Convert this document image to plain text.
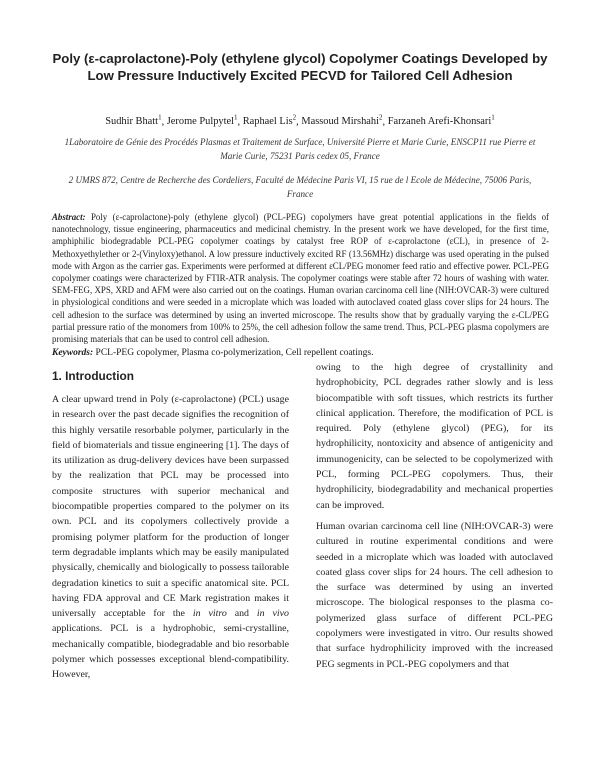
Poly (ε-caprolactone)-Poly (ethylene glycol) Copolymer Coatings Developed by Low Pressure Inductively Excited PECVD for Tailored Cell Adhesion
Sudhir Bhatt$^1$, Jerome Pulpytel$^1$, Raphael Lis$^2$, Massoud Mirshahi$^2$, Farzaneh Arefi-Khonsari$^1$
1Laboratoire de Génie des Procédés Plasmas et Traitement de Surface, Université Pierre et Marie Curie, ENSCP11 rue Pierre et Marie Curie, 75231 Paris cedex 05, France
2 UMRS 872, Centre de Recherche des Cordeliers, Faculté de Médecine Paris VI, 15 rue de l Ecole de Médecine, 75006 Paris, France
Abstract: Poly (ε-caprolactone)-poly (ethylene glycol) (PCL-PEG) copolymers have great potential applications in the fields of nanotechnology, tissue engineering, pharmaceutics and medicinal chemistry. In the present work we have developed, for the first time, amphiphilic biodegradable PCL-PEG copolymer coatings by catalyst free ROP of ε-caprolactone (εCL), in presence of 2-Methoxyethylether or 2-(Vinyloxy)ethanol. A low pressure inductively excited RF (13.56MHz) discharge was used operating in the pulsed mode with Argon as the carrier gas. Experiments were performed at different εCL/PEG monomer feed ratio and effective power. PCL-PEG copolymer coatings were characterized by FTIR-ATR analysis. The copolymer coatings were stable after 72 hours of washing with water. SEM-FEG, XPS, XRD and AFM were also carried out on the coatings. Human ovarian carcinoma cell line (NIH:OVCAR-3) were cultured in physiological conditions and were seeded in a microplate which was loaded with autoclaved coated glass cover slips for 24 hours. The cell adhesion to the surface was determined by using an inverted microscope. The results show that by gradually varying the ε-CL/PEG partial pressure ratio of the monomers from 100% to 25%, the cell adhesion follow the same trend. Thus, PCL-PEG plasma copolymers are promising materials that can be used to control cell adhesion.
Keywords: PCL-PEG copolymer, Plasma co-polymerization, Cell repellent coatings.
1. Introduction

A clear upward trend in Poly (ε-caprolactone) (PCL) usage in research over the past decade signifies the recognition of this highly versatile resorbable polymer, particularly in the field of biomaterials and tissue engineering [1]. The days of its utilization as drug-delivery devices have been surpassed by the realization that PCL may be processed into composite structures with superior mechanical and biocompatible properties compared to the polymer on its own. PCL and its copolymers collectively provide a promising polymer platform for the production of longer term degradable implants which may be easily manipulated physically, chemically and biologically to possess tailorable degradation kinetics to suit a specific anatomical site. PCL having FDA approval and CE Mark registration makes it universally acceptable for the in vitro and in vivo applications. PCL is a hydrophobic, semi-crystalline, mechanically compatible, biodegradable and bio resorbable polymer which possesses exceptional blend-compatibility. However,

owing to the high degree of crystallinity and hydrophobicity, PCL degrades rather slowly and is less biocompatible with soft tissues, which restricts its further clinical application. Therefore, the modification of PCL is required. Poly (ethylene glycol) (PEG), for its hydrophilicity, nontoxicity and absence of antigenicity and immunogenicity, can be selected to be copolymerized with PCL, forming PCL-PEG copolymers. Thus, their hydrophilicity, biodegradability and mechanical properties can be improved.

Human ovarian carcinoma cell line (NIH:OVCAR-3) were cultured in routine experimental conditions and were seeded in a microplate which was loaded with autoclaved coated glass cover slips for 24 hours. The cell adhesion to the surface was determined by using an inverted microscope. The biological responses to the plasma co-polymerized glass surface of different PCL-PEG copolymers were investigated in vitro. Our results showed that surface hydrophilicity improved with the increased PEG segments in PCL-PEG copolymers and that
